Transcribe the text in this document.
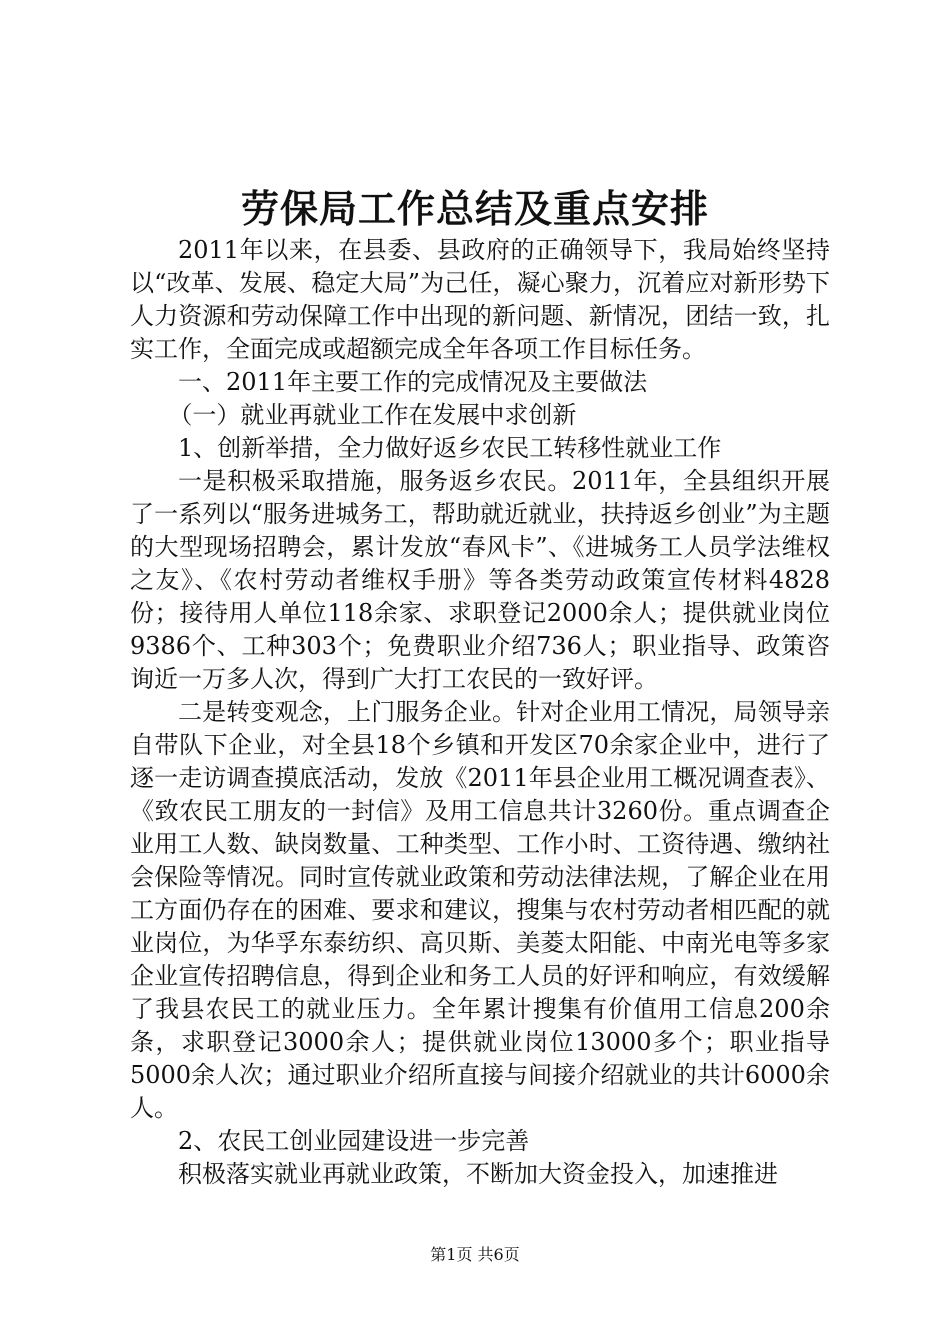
劳保局工作总结及重点安排

2011年以来，在县委、县政府的正确领导下，我局始终坚持以“改革、发展、稳定大局”为己任，凝心聚力，沉着应对新形势下人力资源和劳动保障工作中出现的新问题、新情况，团结一致，扎实工作，全面完成或超额完成全年各项工作目标任务。

一、2011年主要工作的完成情况及主要做法

（一）就业再就业工作在发展中求创新

1、创新举措，全力做好返乡农民工转移性就业工作

一是积极采取措施，服务返乡农民。2011年，全县组织开展了一系列以“服务进城务工，帮助就近就业，扶持返乡创业”为主题的大型现场招聘会，累计发放“春风卡”、《进城务工人员学法维权之友》、《农村劳动者维权手册》等各类劳动政策宣传材料4828份；接待用人单位118余家、求职登记2000余人；提供就业岗位9386个、工种303个；免费职业介绍736人；职业指导、政策咨询近一万多人次，得到广大打工农民的一致好评。

二是转变观念，上门服务企业。针对企业用工情况，局领导亲自带队下企业，对全县18个乡镇和开发区70余家企业中，进行了逐一走访调查摸底活动，发放《2011年县企业用工概况调查表》、《致农民工朋友的一封信》及用工信息共计3260份。重点调查企业用工人数、缺岗数量、工种类型、工作小时、工资待遇、缴纳社会保险等情况。同时宣传就业政策和劳动法律法规，了解企业在用工方面仍存在的困难、要求和建议，搜集与农村劳动者相匹配的就业岗位，为华孚东泰纺织、高贝斯、美菱太阳能、中南光电等多家企业宣传招聘信息，得到企业和务工人员的好评和响应，有效缓解了我县农民工的就业压力。全年累计搜集有价值用工信息200余条，求职登记3000余人；提供就业岗位13000多个；职业指导5000余人次；通过职业介绍所直接与间接介绍就业的共计6000余人。

2、农民工创业园建设进一步完善

积极落实就业再就业政策，不断加大资金投入，加速推进

第1页 共6页
